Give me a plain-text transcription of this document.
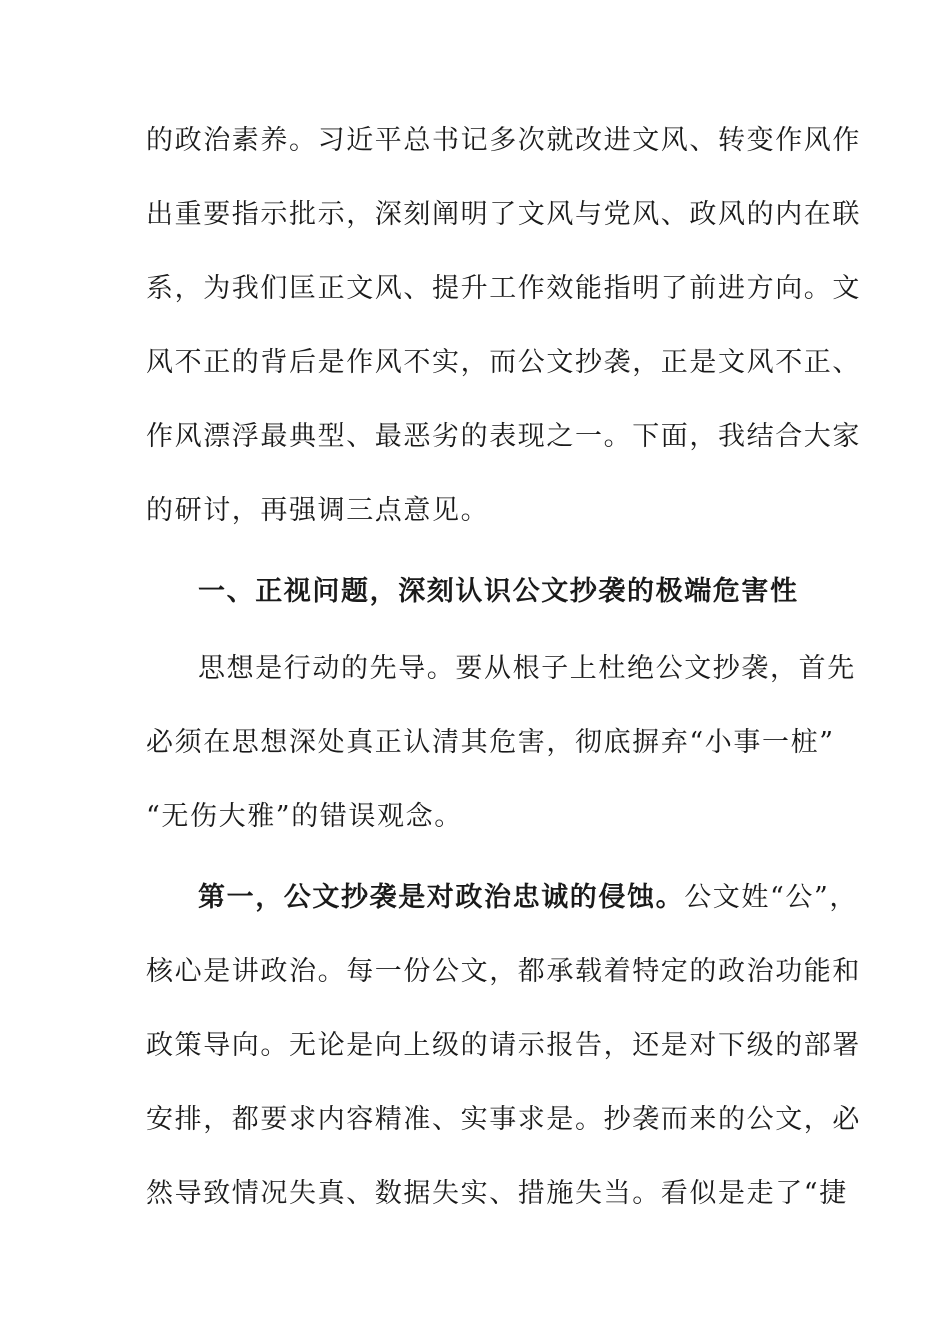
的政治素养。习近平总书记多次就改进文风、转变作风作
出重要指示批示，深刻阐明了文风与党风、政风的内在联
系，为我们匡正文风、提升工作效能指明了前进方向。文
风不正的背后是作风不实，而公文抄袭，正是文风不正、
作风漂浮最典型、最恶劣的表现之一。下面，我结合大家
的研讨，再强调三点意见。
一、正视问题，深刻认识公文抄袭的极端危害性
思想是行动的先导。要从根子上杜绝公文抄袭，首先
必须在思想深处真正认清其危害，彻底摒弃“小事一桩”
“无伤大雅”的错误观念。
第一，公文抄袭是对政治忠诚的侵蚀。公文姓“公”，
核心是讲政治。每一份公文，都承载着特定的政治功能和
政策导向。无论是向上级的请示报告，还是对下级的部署
安排，都要求内容精准、实事求是。抄袭而来的公文，必
然导致情况失真、数据失实、措施失当。看似是走了“捷
